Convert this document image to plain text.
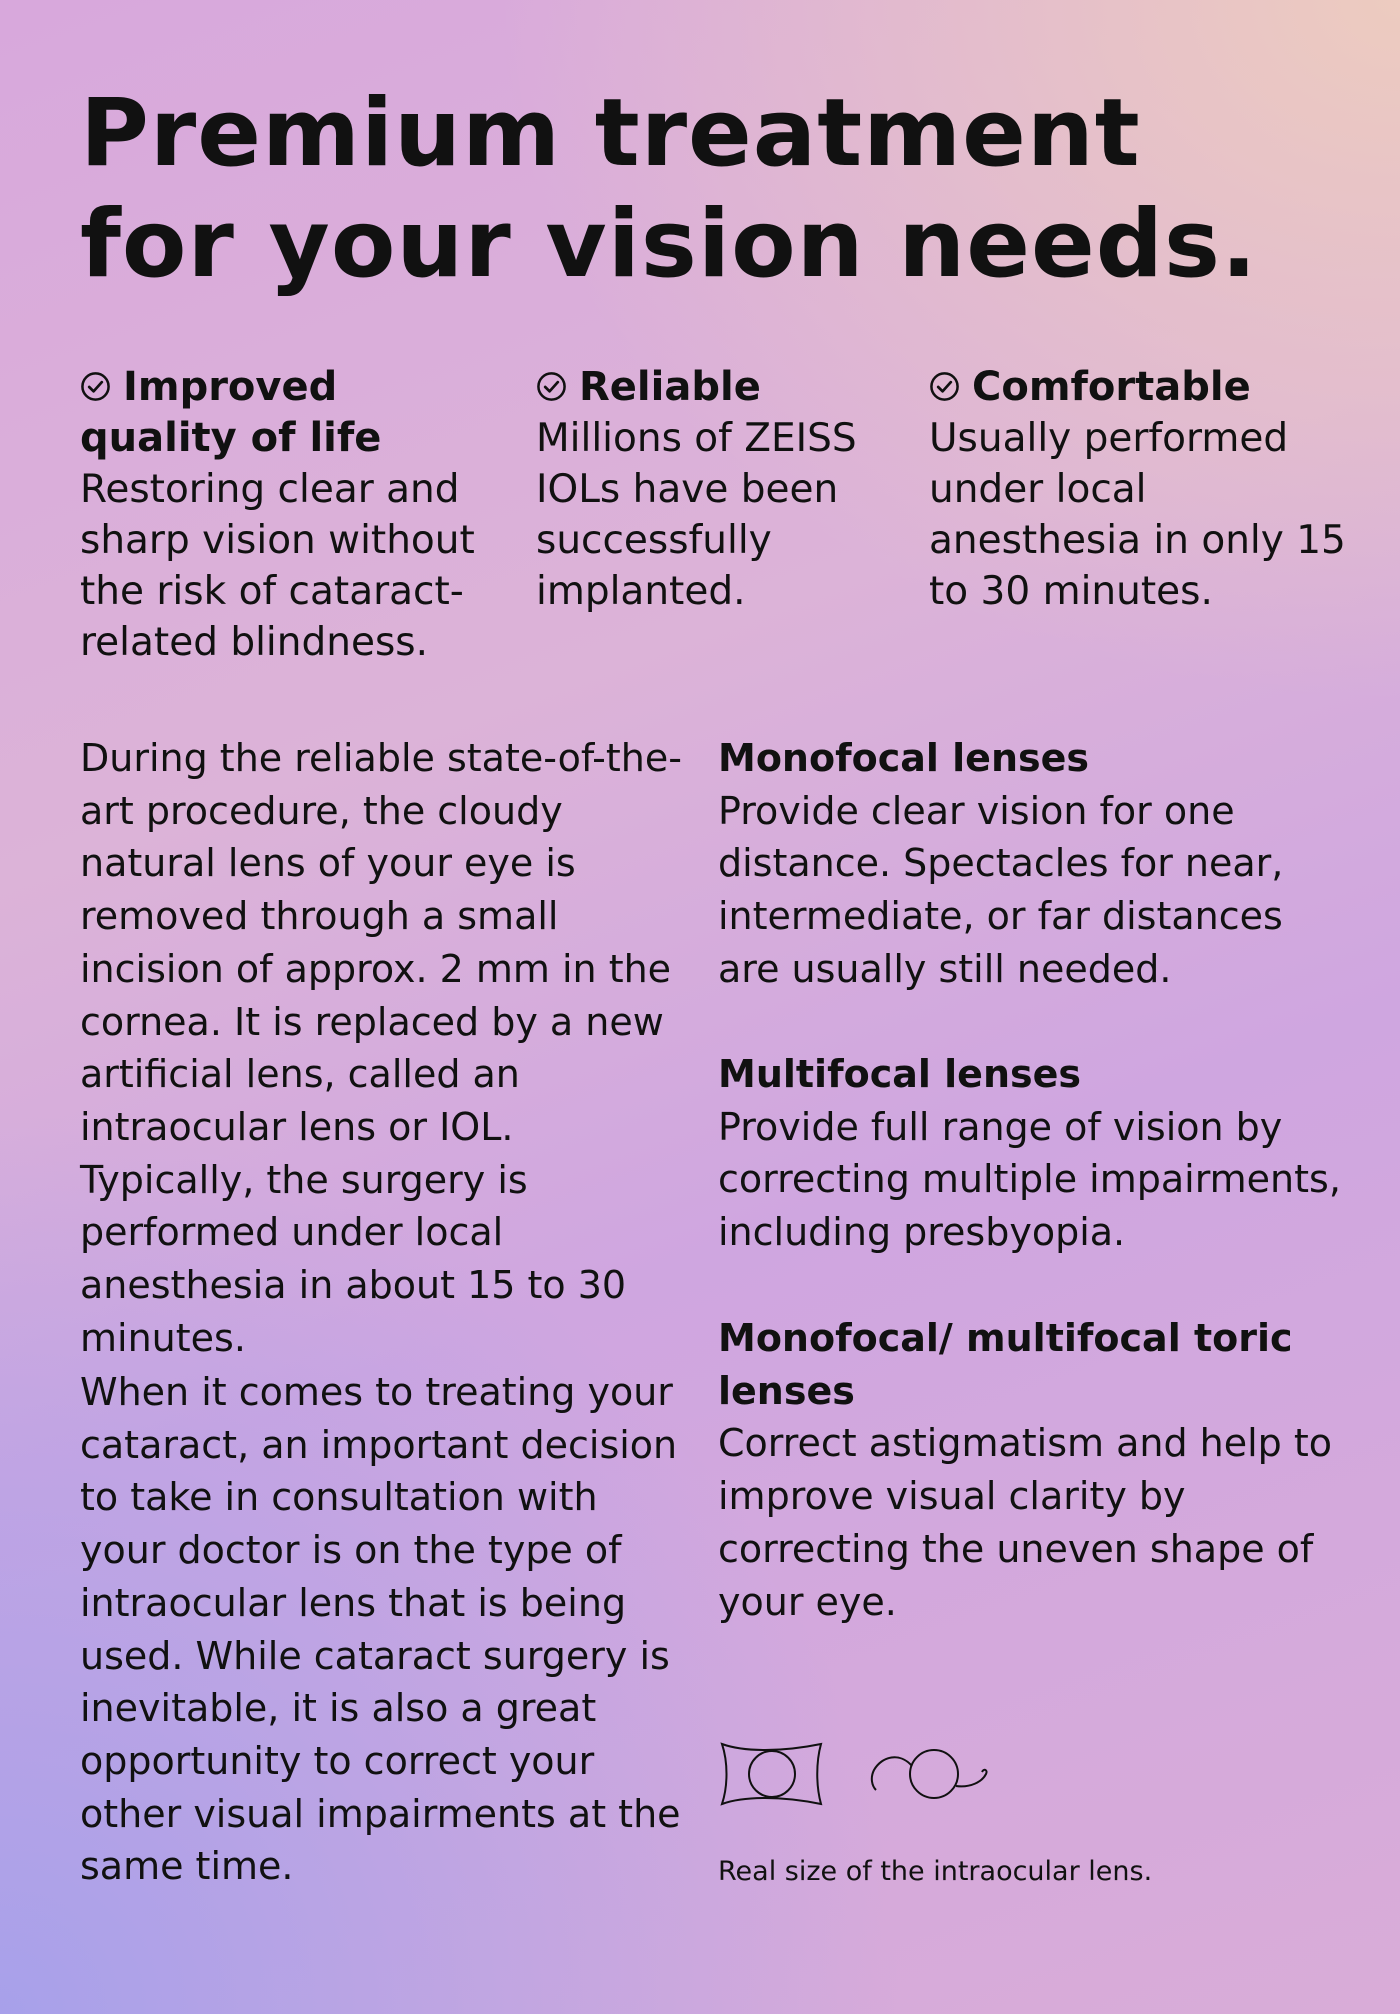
Premium treatment
for your vision needs.
Improved quality of life
Restoring clear and sharp vision without the risk of cataract-related blindness.
Reliable
Millions of ZEISS IOLs have been successfully implanted.
Comfortable
Usually performed under local anesthesia in only 15 to 30 minutes.

During the reliable state-of-the-art procedure, the cloudy natural lens of your eye is removed through a small incision of approx. 2 mm in the cornea. It is replaced by a new artificial lens, called an intraocular lens or IOL. Typically, the surgery is performed under local anesthesia in about 15 to 30 minutes.

When it comes to treating your cataract, an important decision to take in consultation with your doctor is on the type of intraocular lens that is being used. While cataract surgery is inevitable, it is also a great opportunity to correct your other visual impairments at the same time.

Monofocal lenses
Provide clear vision for one distance. Spectacles for near, intermediate, or far distances are usually still needed.
Multifocal lenses
Provide full range of vision by correcting multiple impairments, including presbyopia.
Monofocal/ multifocal toric lenses
Correct astigmatism and help to improve visual clarity by correcting the uneven shape of your eye.
Real size of the intraocular lens.
